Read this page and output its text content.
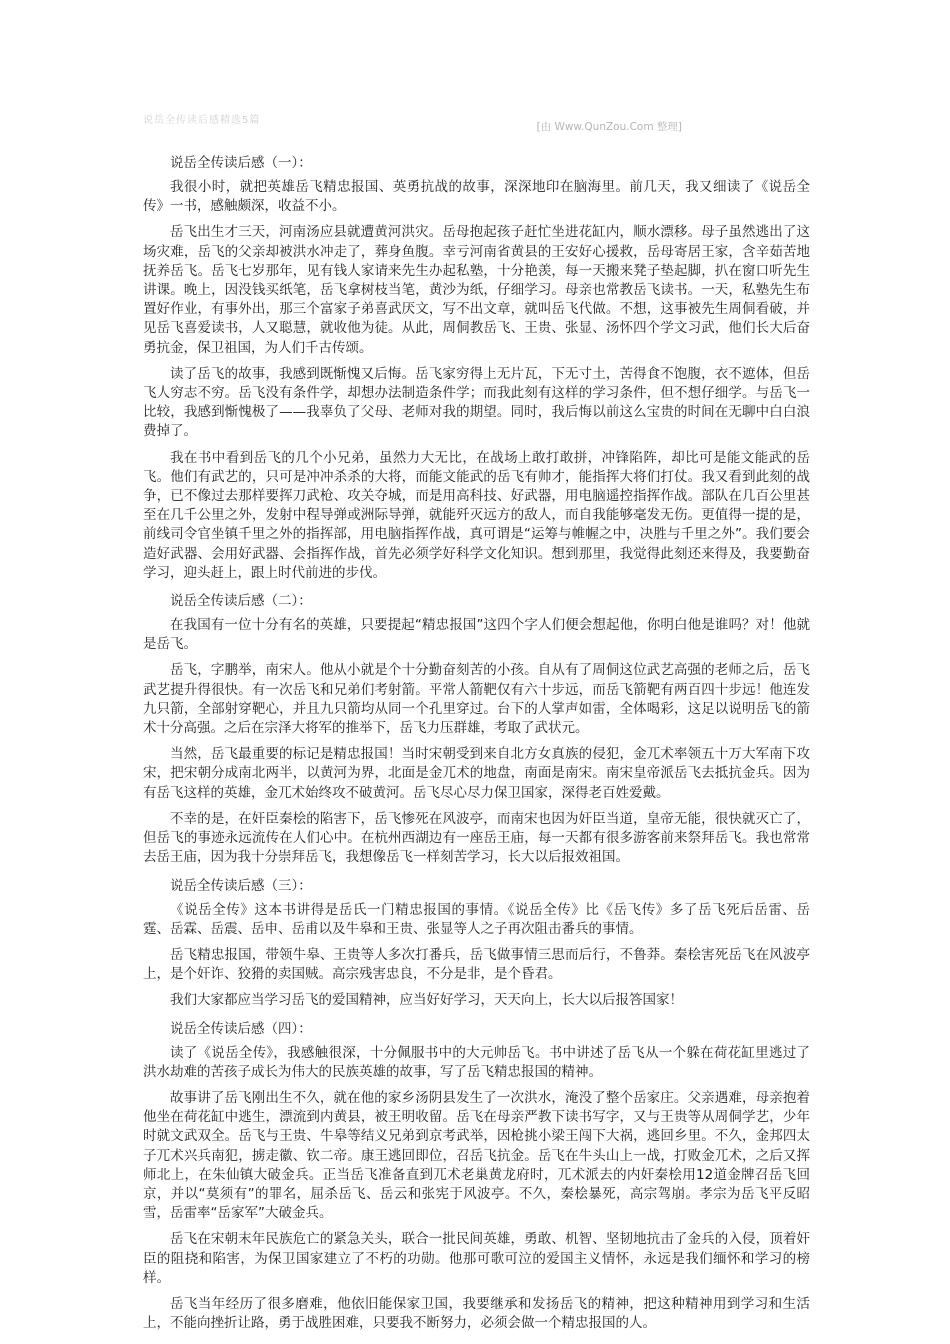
说岳全传读后感精选5篇
[由 Www.QunZou.Com 整理]
说岳全传读后感（一）：

我很小时，就把英雄岳飞精忠报国、英勇抗战的故事，深深地印在脑海里。前几天，我又细读了《说岳全传》一书，感触颇深，收益不小。

岳飞出生才三天，河南汤应县就遭黄河洪灾。岳母抱起孩子赶忙坐进花缸内，顺水漂移。母子虽然逃出了这场灾难，岳飞的父亲却被洪水冲走了，葬身鱼腹。幸亏河南省黄县的王安好心援救，岳母寄居王家，含辛茹苦地抚养岳飞。岳飞七岁那年，见有钱人家请来先生办起私塾，十分艳羡，每一天搬来凳子垫起脚，扒在窗口听先生讲课。晚上，因没钱买纸笔，岳飞拿树枝当笔，黄沙为纸，仔细学习。母亲也常教岳飞读书。一天，私塾先生布置好作业，有事外出，那三个富家子弟喜武厌文，写不出文章，就叫岳飞代做。不想，这事被先生周侗看破，并见岳飞喜爱读书，人又聪慧，就收他为徒。从此，周侗教岳飞、王贵、张显、汤怀四个学文习武，他们长大后奋勇抗金，保卫祖国，为人们千古传颂。

读了岳飞的故事，我感到既惭愧又后悔。岳飞家穷得上无片瓦，下无寸土，苦得食不饱腹，衣不遮体，但岳飞人穷志不穷。岳飞没有条件学，却想办法制造条件学；而我此刻有这样的学习条件，但不想仔细学。与岳飞一比较，我感到惭愧极了——我辜负了父母、老师对我的期望。同时，我后悔以前这么宝贵的时间在无聊中白白浪费掉了。

我在书中看到岳飞的几个小兄弟，虽然力大无比，在战场上敢打敢拼，冲锋陷阵，却比可是能文能武的岳飞。他们有武艺的，只可是冲冲杀杀的大将，而能文能武的岳飞有帅才，能指挥大将们打仗。我又看到此刻的战争，已不像过去那样要挥刀武枪、攻关夺城，而是用高科技、好武器，用电脑遥控指挥作战。部队在几百公里甚至在几千公里之外，发射中程导弹或洲际导弹，就能歼灭远方的敌人，而自我能够毫发无伤。更值得一提的是，前线司令官坐镇千里之外的指挥部，用电脑指挥作战，真可谓是“运筹与帷幄之中，决胜与千里之外”。我们要会造好武器、会用好武器、会指挥作战，首先必须学好科学文化知识。想到那里，我觉得此刻还来得及，我要勤奋学习，迎头赶上，跟上时代前进的步伐。

说岳全传读后感（二）：

在我国有一位十分有名的英雄，只要提起“精忠报国”这四个字人们便会想起他，你明白他是谁吗？对！他就是岳飞。

岳飞，字鹏举，南宋人。他从小就是个十分勤奋刻苦的小孩。自从有了周侗这位武艺高强的老师之后，岳飞武艺提升得很快。有一次岳飞和兄弟们考射箭。平常人箭靶仅有六十步远，而岳飞箭靶有两百四十步远！他连发九只箭，全部射穿靶心，并且九只箭均从同一个孔里穿过。台下的人掌声如雷，全体喝彩，这足以说明岳飞的箭术十分高强。之后在宗泽大将军的推举下，岳飞力压群雄，考取了武状元。

当然，岳飞最重要的标记是精忠报国！当时宋朝受到来自北方女真族的侵犯，金兀术率领五十万大军南下攻宋，把宋朝分成南北两半，以黄河为界，北面是金兀术的地盘，南面是南宋。南宋皇帝派岳飞去抵抗金兵。因为有岳飞这样的英雄，金兀术始终攻不破黄河。岳飞尽心尽力保卫国家，深得老百姓爱戴。

不幸的是，在奸臣秦桧的陷害下，岳飞惨死在风波亭，而南宋也因为奸臣当道，皇帝无能，很快就灭亡了，但岳飞的事迹永远流传在人们心中。在杭州西湖边有一座岳王庙，每一天都有很多游客前来祭拜岳飞。我也常常去岳王庙，因为我十分崇拜岳飞，我想像岳飞一样刻苦学习，长大以后报效祖国。

说岳全传读后感（三）：

《说岳全传》这本书讲得是岳氏一门精忠报国的事情。《说岳全传》比《岳飞传》多了岳飞死后岳雷、岳霆、岳霖、岳震、岳申、岳甫以及牛皋和王贵、张显等人之子再次阻击番兵的事情。

岳飞精忠报国，带领牛皋、王贵等人多次打番兵，岳飞做事情三思而后行，不鲁莽。秦桧害死岳飞在风波亭上，是个奸诈、狡猾的卖国贼。高宗残害忠良，不分是非，是个昏君。

我们大家都应当学习岳飞的爱国精神，应当好好学习，天天向上，长大以后报答国家！

说岳全传读后感（四）：

读了《说岳全传》，我感触很深，十分佩服书中的大元帅岳飞。书中讲述了岳飞从一个躲在荷花缸里逃过了洪水劫难的苦孩子成长为伟大的民族英雄的故事，写了岳飞精忠报国的精神。

故事讲了岳飞刚出生不久，就在他的家乡汤阴县发生了一次洪水，淹没了整个岳家庄。父亲遇难，母亲抱着他坐在荷花缸中逃生，漂流到内黄县，被王明收留。岳飞在母亲严教下读书写字，又与王贵等从周侗学艺，少年时就文武双全。岳飞与王贵、牛皋等结义兄弟到京考武举，因枪挑小梁王闯下大祸，逃回乡里。不久，金邦四太子兀术兴兵南犯，掳走徽、钦二帝。康王逃回即位，召岳飞抗金。岳飞在牛头山上一战，打败金兀术，之后又挥师北上，在朱仙镇大破金兵。正当岳飞准备直到兀术老巢黄龙府时，兀术派去的内奸秦桧用12道金牌召岳飞回京，并以“莫须有”的罪名，屈杀岳飞、岳云和张宪于风波亭。不久，秦桧暴死，高宗驾崩。孝宗为岳飞平反昭雪，岳雷率“岳家军”大破金兵。

岳飞在宋朝末年民族危亡的紧急关头，联合一批民间英雄，勇敢、机智、坚韧地抗击了金兵的入侵，顶着奸臣的阻挠和陷害，为保卫国家建立了不朽的功勋。他那可歌可泣的爱国主义情怀，永远是我们缅怀和学习的榜样。

岳飞当年经历了很多磨难，他依旧能保家卫国，我要继承和发扬岳飞的精神，把这种精神用到学习和生活上，不能向挫折让路，勇于战胜困难，只要我不断努力，必须会做一个精忠报国的人。
